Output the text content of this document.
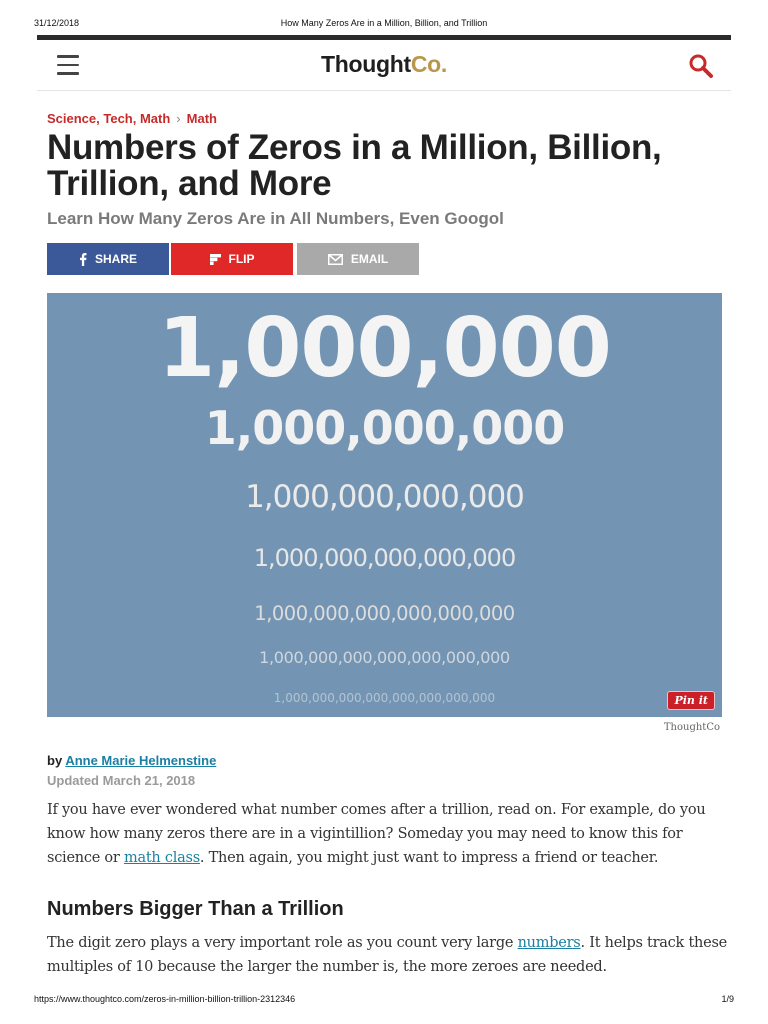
31/12/2018	How Many Zeros Are in a Million, Billion, and Trillion
ThoughtCo.
Science, Tech, Math › Math
Numbers of Zeros in a Million, Billion, Trillion, and More
Learn How Many Zeros Are in All Numbers, Even Googol
SHARE	FLIP	EMAIL
1,000,000
1,000,000,000
1,000,000,000,000
1,000,000,000,000,000
1,000,000,000,000,000,000
1,000,000,000,000,000,000,000
1,000,000,000,000,000,000,000,000	Pin it
ThoughtCo
by Anne Marie Helmenstine
Updated March 21, 2018

If you have ever wondered what number comes after a trillion, read on. For example, do you know how many zeros there are in a vigintillion? Someday you may need to know this for science or math class. Then again, you might just want to impress a friend or teacher.

Numbers Bigger Than a Trillion

The digit zero plays a very important role as you count very large numbers. It helps track these multiples of 10 because the larger the number is, the more zeroes are needed.

https://www.thoughtco.com/zeros-in-million-billion-trillion-2312346	1/9
